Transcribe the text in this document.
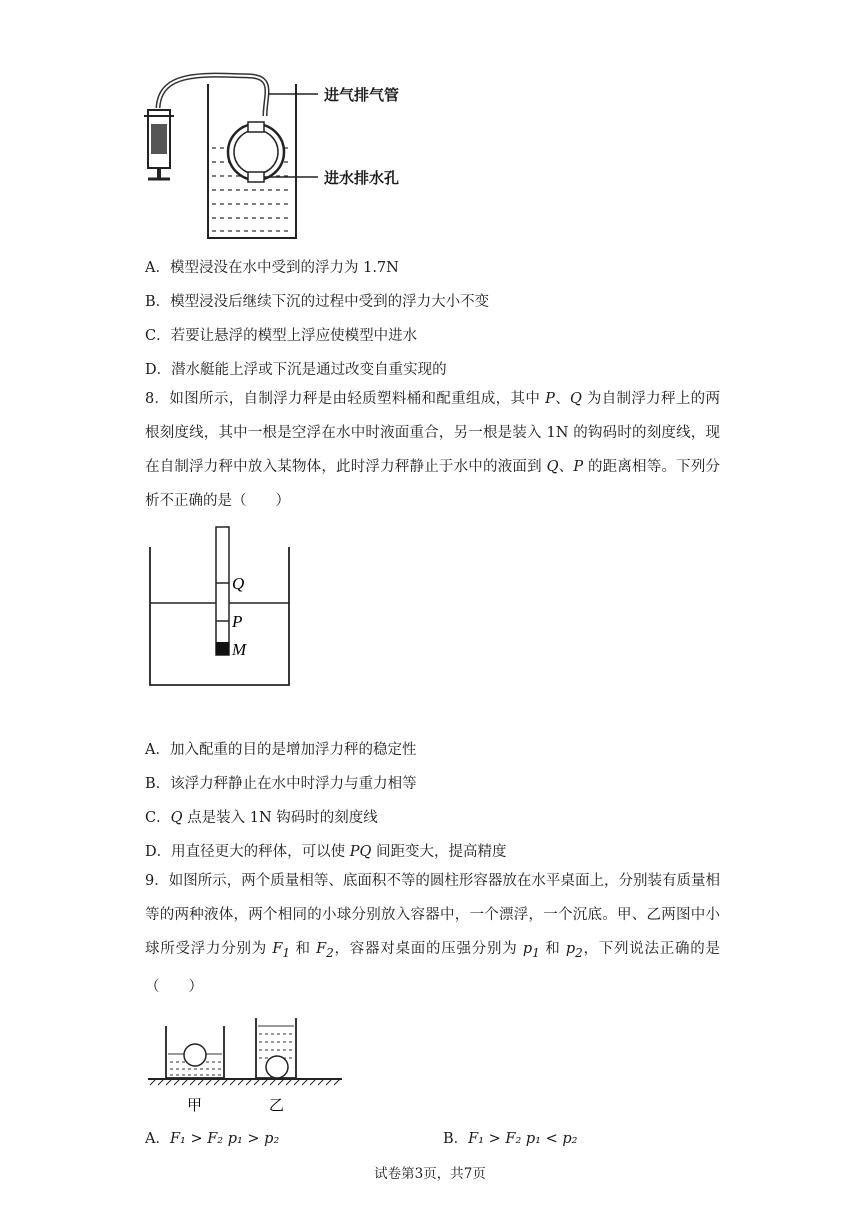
进气排气管
进水排水孔
A．模型浸没在水中受到的浮力为 1.7N
B．模型浸没后继续下沉的过程中受到的浮力大小不变
C．若要让悬浮的模型上浮应使模型中进水
D．潜水艇能上浮或下沉是通过改变自重实现的
8．如图所示，自制浮力秤是由轻质塑料桶和配重组成，其中 P、Q 为自制浮力秤上的两根刻度线，其中一根是空浮在水中时液面重合，另一根是装入 1N 的钩码时的刻度线，现在自制浮力秤中放入某物体，此时浮力秤静止于水中的液面到 Q、P 的距离相等。下列分析不正确的是（　　）
Q
P
M
A．加入配重的目的是增加浮力秤的稳定性
B．该浮力秤静止在水中时浮力与重力相等
C．Q 点是装入 1N 钩码时的刻度线
D．用直径更大的秤体，可以使 PQ 间距变大，提高精度
9．如图所示，两个质量相等、底面积不等的圆柱形容器放在水平桌面上，分别装有质量相等的两种液体，两个相同的小球分别放入容器中，一个漂浮，一个沉底。甲、乙两图中小球所受浮力分别为 $F_1$ 和 $F_2$，容器对桌面的压强分别为 $p_1$ 和 $p_2$，下列说法正确的是（　　）
甲	乙
A．F₁ > F₂ p₁ > p₂	B．F₁ > F₂ p₁ < p₂
试卷第3页，共7页
